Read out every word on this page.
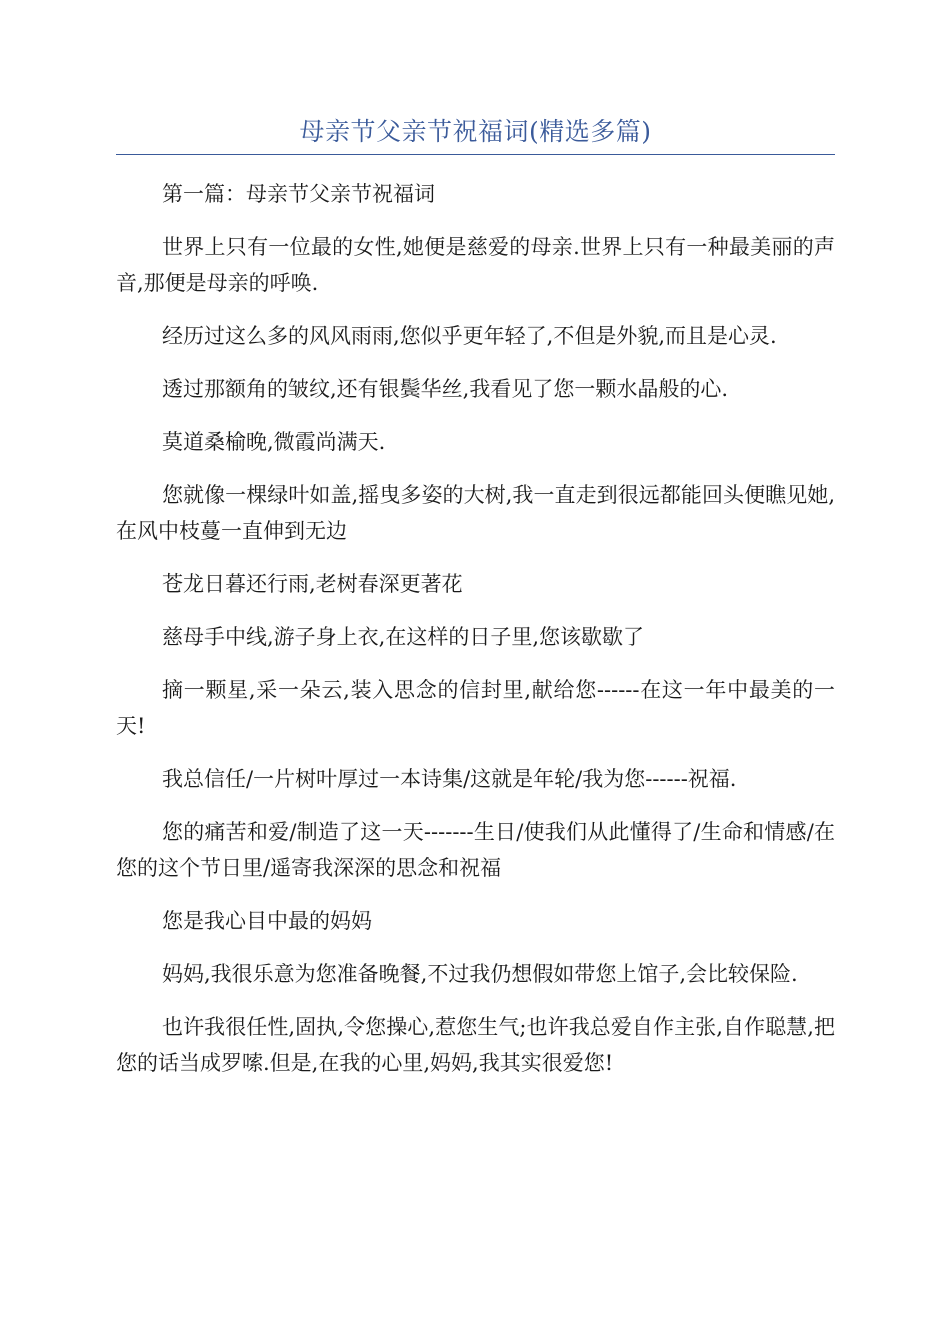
母亲节父亲节祝福词(精选多篇)

第一篇：母亲节父亲节祝福词

世界上只有一位最的女性,她便是慈爱的母亲.世界上只有一种最美丽的声音,那便是母亲的呼唤.

经历过这么多的风风雨雨,您似乎更年轻了,不但是外貌,而且是心灵.

透过那额角的皱纹,还有银鬓华丝,我看见了您一颗水晶般的心.

莫道桑榆晚,微霞尚满天.

您就像一棵绿叶如盖,摇曳多姿的大树,我一直走到很远都能回头便瞧见她,在风中枝蔓一直伸到无边

苍龙日暮还行雨,老树春深更著花

慈母手中线,游子身上衣,在这样的日子里,您该歇歇了

摘一颗星,采一朵云,装入思念的信封里,献给您------在这一年中最美的一天!

我总信任/一片树叶厚过一本诗集/这就是年轮/我为您------祝福.

您的痛苦和爱/制造了这一天-------生日/使我们从此懂得了/生命和情感/在您的这个节日里/遥寄我深深的思念和祝福

您是我心目中最的妈妈

妈妈,我很乐意为您准备晚餐,不过我仍想假如带您上馆子,会比较保险.

也许我很任性,固执,令您操心,惹您生气;也许我总爱自作主张,自作聪慧,把您的话当成罗嗦.但是,在我的心里,妈妈,我其实很爱您!
